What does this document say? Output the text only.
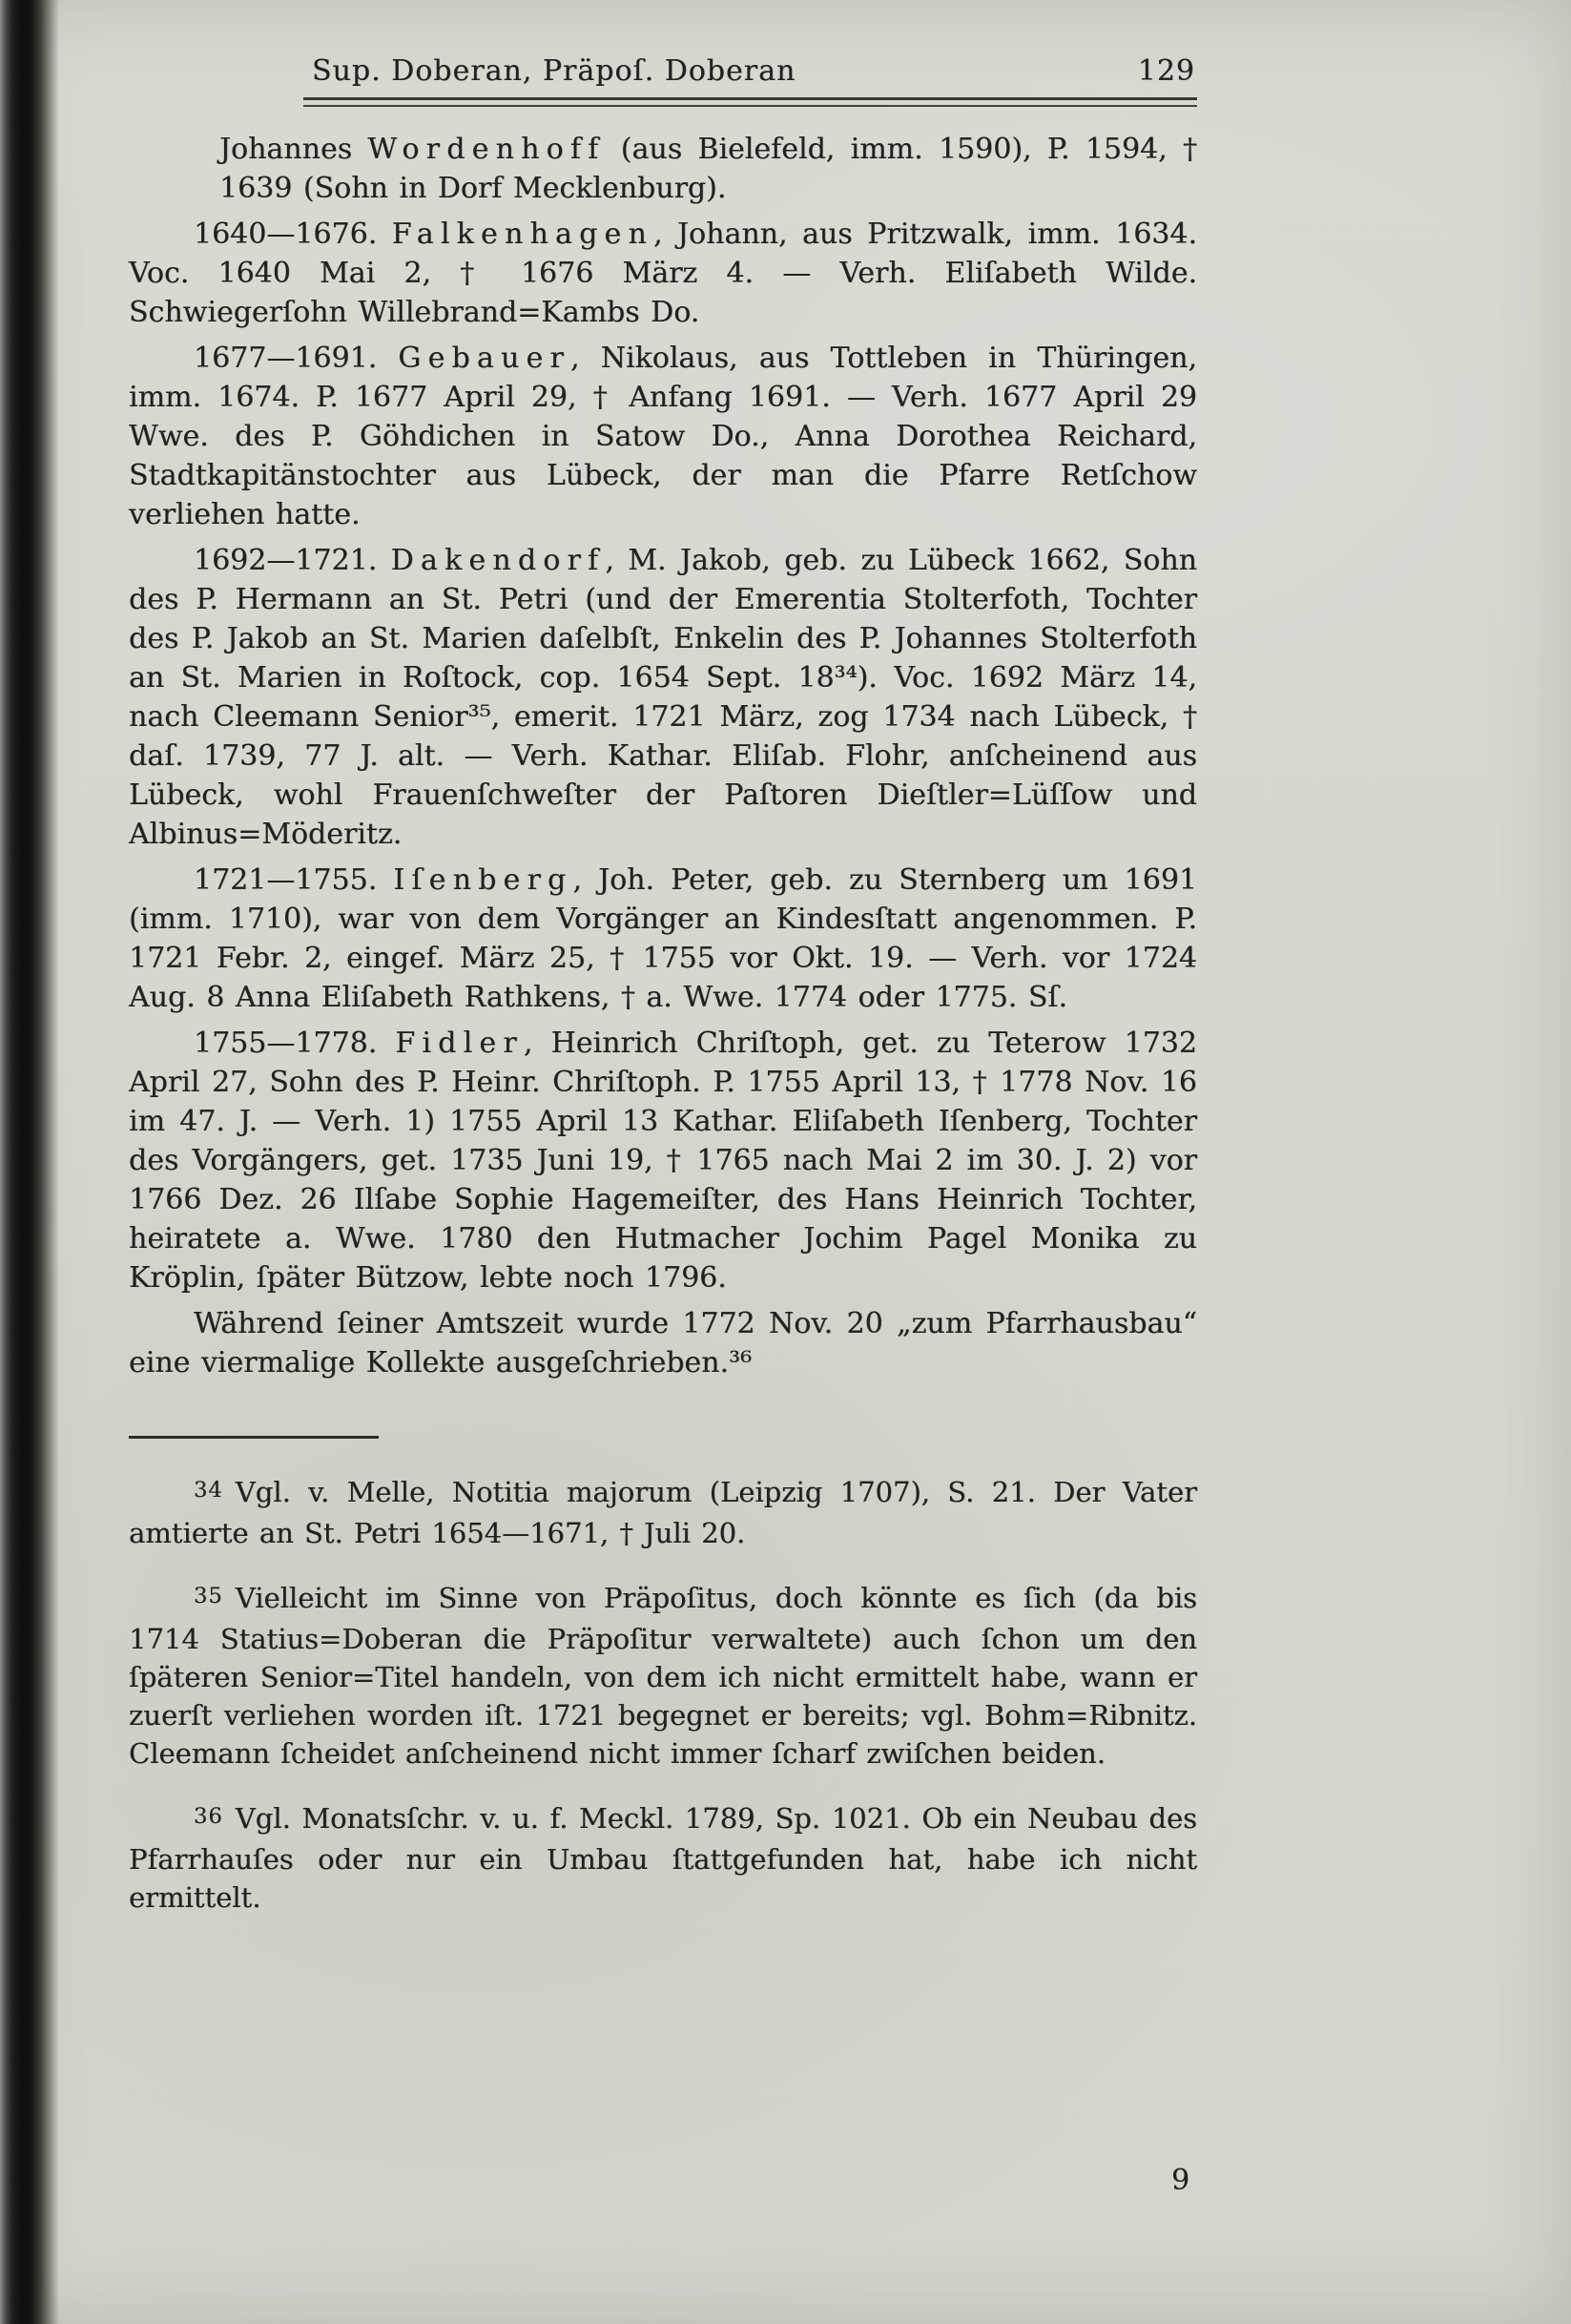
Sup. Doberan, Präpoſ. Doberan	129

Johannes Wordenhoff (aus Bielefeld, imm. 1590), P. 1594, † 1639 (Sohn in Dorf Mecklenburg).

1640—1676. Falkenhagen, Johann, aus Pritzwalk, imm. 1634. Voc. 1640 Mai 2, † 1676 März 4. — Verh. Eliſabeth Wilde. Schwiegerſohn Willebrand=Kambs Do.

1677—1691. Gebauer, Nikolaus, aus Tottleben in Thüringen, imm. 1674. P. 1677 April 29, † Anfang 1691. — Verh. 1677 April 29 Wwe. des P. Göhdichen in Satow Do., Anna Dorothea Reichard, Stadtkapitänstochter aus Lübeck, der man die Pfarre Retſchow verliehen hatte.

1692—1721. Dakendorf, M. Jakob, geb. zu Lübeck 1662, Sohn des P. Hermann an St. Petri (und der Emerentia Stolterfoth, Tochter des P. Jakob an St. Marien daſelbſt, Enkelin des P. Johannes Stolterfoth an St. Marien in Roſtock, cop. 1654 Sept. 18³⁴). Voc. 1692 März 14, nach Cleemann Senior³⁵, emerit. 1721 März, zog 1734 nach Lübeck, † daſ. 1739, 77 J. alt. — Verh. Kathar. Eliſab. Flohr, anſcheinend aus Lübeck, wohl Frauenſchweſter der Paſtoren Dieſtler=Lüſſow und Albinus=Möderitz.

1721—1755. Iſenberg, Joh. Peter, geb. zu Sternberg um 1691 (imm. 1710), war von dem Vorgänger an Kindesſtatt angenommen. P. 1721 Febr. 2, eingef. März 25, † 1755 vor Okt. 19. — Verh. vor 1724 Aug. 8 Anna Eliſabeth Rathkens, † a. Wwe. 1774 oder 1775. Sſ.

1755—1778. Fidler, Heinrich Chriſtoph, get. zu Teterow 1732 April 27, Sohn des P. Heinr. Chriſtoph. P. 1755 April 13, † 1778 Nov. 16 im 47. J. — Verh. 1) 1755 April 13 Kathar. Eliſabeth Iſenberg, Tochter des Vorgängers, get. 1735 Juni 19, † 1765 nach Mai 2 im 30. J. 2) vor 1766 Dez. 26 Ilſabe Sophie Hagemeiſter, des Hans Heinrich Tochter, heiratete a. Wwe. 1780 den Hutmacher Jochim Pagel Monika zu Kröplin, ſpäter Bützow, lebte noch 1796.

Während ſeiner Amtszeit wurde 1772 Nov. 20 „zum Pfarrhausbau“ eine viermalige Kollekte ausgeſchrieben.³⁶

34 Vgl. v. Melle, Notitia majorum (Leipzig 1707), S. 21. Der Vater amtierte an St. Petri 1654—1671, † Juli 20.

35 Vielleicht im Sinne von Präpoſitus, doch könnte es ſich (da bis 1714 Statius=Doberan die Präpoſitur verwaltete) auch ſchon um den ſpäteren Senior=Titel handeln, von dem ich nicht ermittelt habe, wann er zuerſt verliehen worden iſt. 1721 begegnet er bereits; vgl. Bohm=Ribnitz. Cleemann ſcheidet anſcheinend nicht immer ſcharf zwiſchen beiden.

36 Vgl. Monatsſchr. v. u. f. Meckl. 1789, Sp. 1021. Ob ein Neubau des Pfarrhauſes oder nur ein Umbau ſtattgefunden hat, habe ich nicht ermittelt.

9
